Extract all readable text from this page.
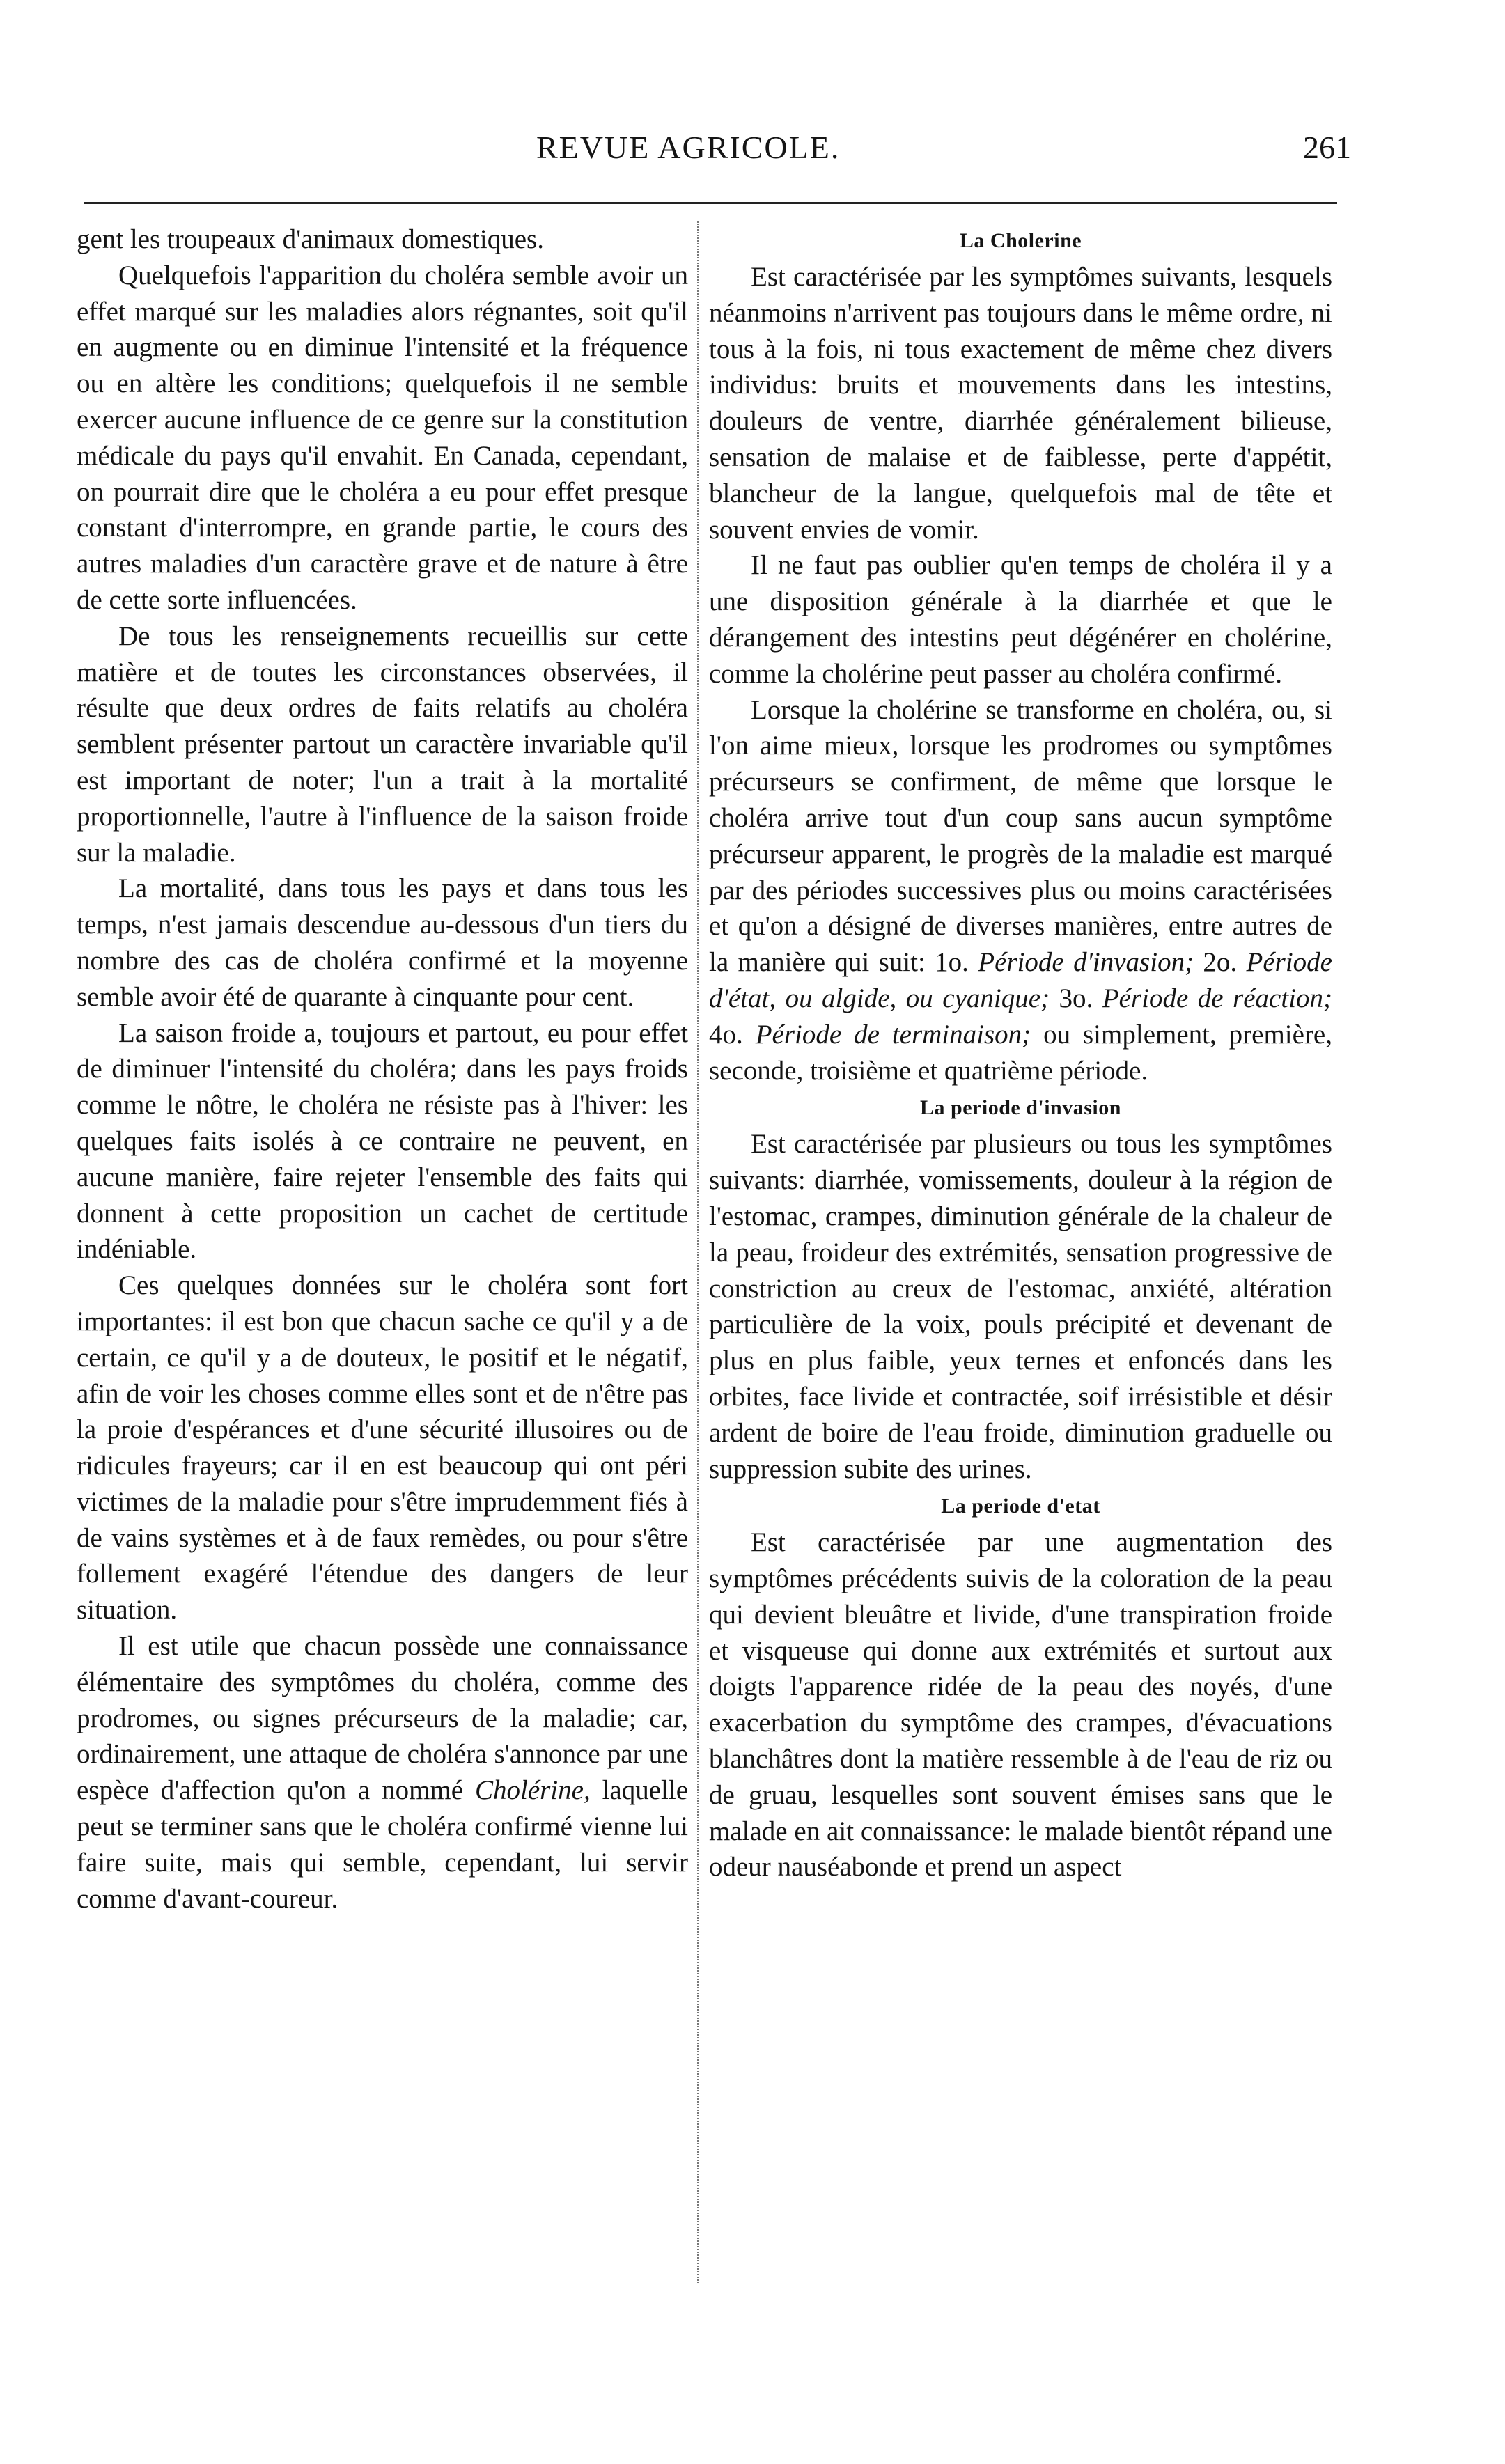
REVUE AGRICOLE.	261

gent les troupeaux d'animaux domestiques.

Quelquefois l'apparition du choléra semble avoir un effet marqué sur les maladies alors régnantes, soit qu'il en augmente ou en diminue l'intensité et la fréquence ou en altère les conditions; quelquefois il ne semble exercer aucune influence de ce genre sur la constitution médicale du pays qu'il envahit. En Canada, cependant, on pourrait dire que le choléra a eu pour effet presque constant d'interrompre, en grande partie, le cours des autres maladies d'un caractère grave et de nature à être de cette sorte influencées.

De tous les renseignements recueillis sur cette matière et de toutes les circonstances observées, il résulte que deux ordres de faits relatifs au choléra semblent présenter partout un caractère invariable qu'il est important de noter; l'un a trait à la mortalité proportionnelle, l'autre à l'influence de la saison froide sur la maladie.

La mortalité, dans tous les pays et dans tous les temps, n'est jamais descendue au-dessous d'un tiers du nombre des cas de choléra confirmé et la moyenne semble avoir été de quarante à cinquante pour cent.

La saison froide a, toujours et partout, eu pour effet de diminuer l'intensité du choléra; dans les pays froids comme le nôtre, le choléra ne résiste pas à l'hiver: les quelques faits isolés à ce contraire ne peuvent, en aucune manière, faire rejeter l'ensemble des faits qui donnent à cette proposition un cachet de certitude indéniable.

Ces quelques données sur le choléra sont fort importantes: il est bon que chacun sache ce qu'il y a de certain, ce qu'il y a de douteux, le positif et le négatif, afin de voir les choses comme elles sont et de n'être pas la proie d'espérances et d'une sécurité illusoires ou de ridicules frayeurs; car il en est beaucoup qui ont péri victimes de la maladie pour s'être imprudemment fiés à de vains systèmes et à de faux remèdes, ou pour s'être follement exagéré l'étendue des dangers de leur situation.

Il est utile que chacun possède une connaissance élémentaire des symptômes du choléra, comme des prodromes, ou signes précurseurs de la maladie; car, ordinairement, une attaque de choléra s'annonce par une espèce d'affection qu'on a nommé Cholérine, laquelle peut se terminer sans que le choléra confirmé vienne lui faire suite, mais qui semble, cependant, lui servir comme d'avant-coureur.

La Cholerine

Est caractérisée par les symptômes suivants, lesquels néanmoins n'arrivent pas toujours dans le même ordre, ni tous à la fois, ni tous exactement de même chez divers individus: bruits et mouvements dans les intestins, douleurs de ventre, diarrhée généralement bilieuse, sensation de malaise et de faiblesse, perte d'appétit, blancheur de la langue, quelquefois mal de tête et souvent envies de vomir.

Il ne faut pas oublier qu'en temps de choléra il y a une disposition générale à la diarrhée et que le dérangement des intestins peut dégénérer en cholérine, comme la cholérine peut passer au choléra confirmé.

Lorsque la cholérine se transforme en choléra, ou, si l'on aime mieux, lorsque les prodromes ou symptômes précurseurs se confirment, de même que lorsque le choléra arrive tout d'un coup sans aucun symptôme précurseur apparent, le progrès de la maladie est marqué par des périodes successives plus ou moins caractérisées et qu'on a désigné de diverses manières, entre autres de la manière qui suit: 1o. Période d'invasion; 2o. Période d'état, ou algide, ou cyanique; 3o. Période de réaction; 4o. Période de terminaison; ou simplement, première, seconde, troisième et quatrième période.

La periode d'invasion

Est caractérisée par plusieurs ou tous les symptômes suivants: diarrhée, vomissements, douleur à la région de l'estomac, crampes, diminution générale de la chaleur de la peau, froideur des extrémités, sensation progressive de constriction au creux de l'estomac, anxiété, altération particulière de la voix, pouls précipité et devenant de plus en plus faible, yeux ternes et enfoncés dans les orbites, face livide et contractée, soif irrésistible et désir ardent de boire de l'eau froide, diminution graduelle ou suppression subite des urines.

La periode d'etat

Est caractérisée par une augmentation des symptômes précédents suivis de la coloration de la peau qui devient bleuâtre et livide, d'une transpiration froide et visqueuse qui donne aux extrémités et surtout aux doigts l'apparence ridée de la peau des noyés, d'une exacerbation du symptôme des crampes, d'évacuations blanchâtres dont la matière ressemble à de l'eau de riz ou de gruau, lesquelles sont souvent émises sans que le malade en ait connaissance: le malade bientôt répand une odeur nauséabonde et prend un aspect
